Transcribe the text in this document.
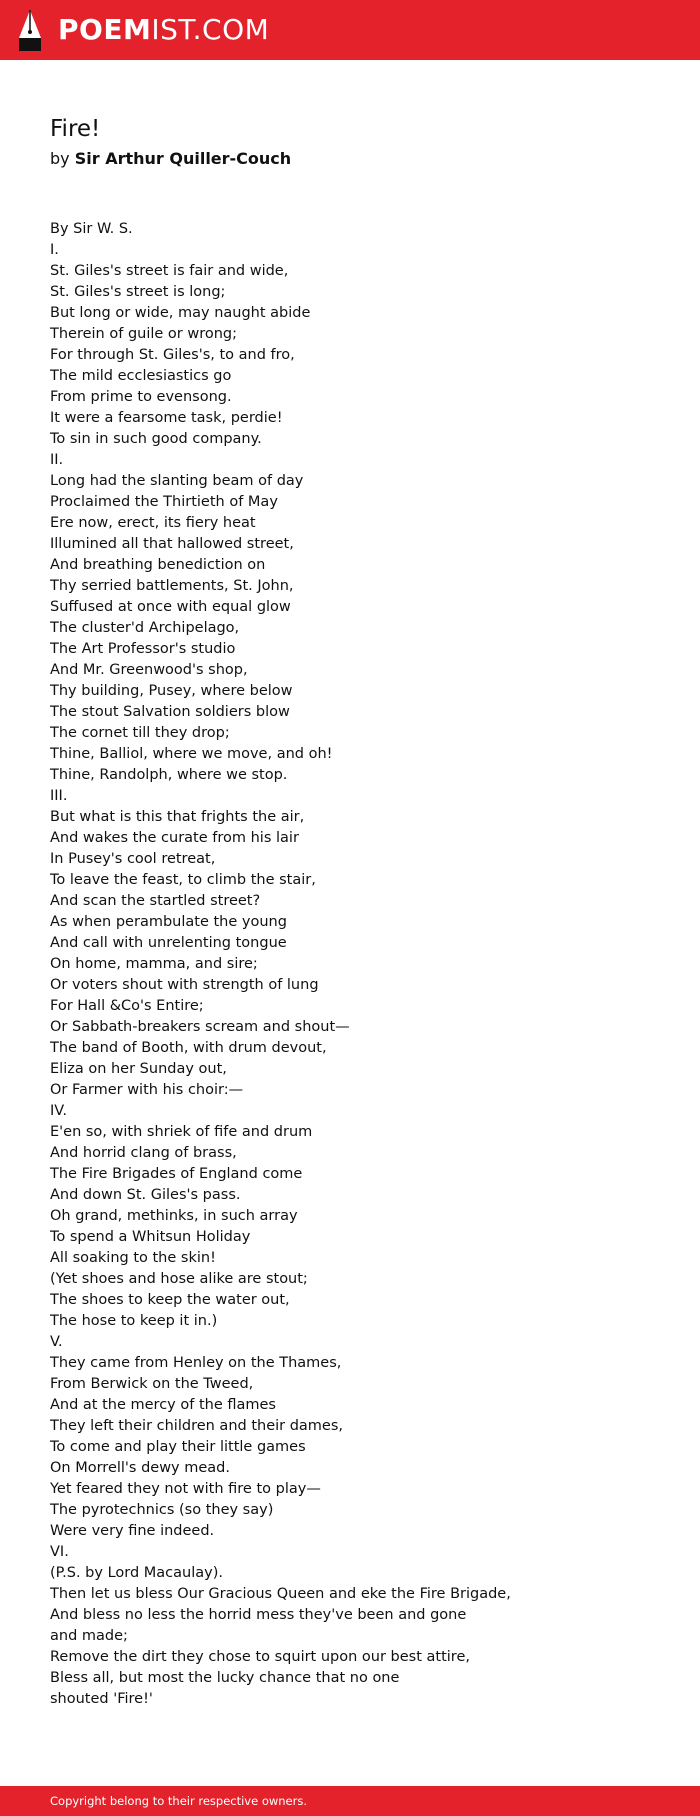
POEMIST.COM
Fire!
by Sir Arthur Quiller-Couch
By Sir W. S.
I.
St. Giles's street is fair and wide,
St. Giles's street is long;
But long or wide, may naught abide
Therein of guile or wrong;
For through St. Giles's, to and fro,
The mild ecclesiastics go
From prime to evensong.
It were a fearsome task, perdie!
To sin in such good company.
II.
Long had the slanting beam of day
Proclaimed the Thirtieth of May
Ere now, erect, its fiery heat
Illumined all that hallowed street,
And breathing benediction on
Thy serried battlements, St. John,
Suffused at once with equal glow
The cluster'd Archipelago,
The Art Professor's studio
And Mr. Greenwood's shop,
Thy building, Pusey, where below
The stout Salvation soldiers blow
The cornet till they drop;
Thine, Balliol, where we move, and oh!
Thine, Randolph, where we stop.
III.
But what is this that frights the air,
And wakes the curate from his lair
In Pusey's cool retreat,
To leave the feast, to climb the stair,
And scan the startled street?
As when perambulate the young
And call with unrelenting tongue
On home, mamma, and sire;
Or voters shout with strength of lung
For Hall &Co's Entire;
Or Sabbath-breakers scream and shout—
The band of Booth, with drum devout,
Eliza on her Sunday out,
Or Farmer with his choir:—
IV.
E'en so, with shriek of fife and drum
And horrid clang of brass,
The Fire Brigades of England come
And down St. Giles's pass.
Oh grand, methinks, in such array
To spend a Whitsun Holiday
All soaking to the skin!
(Yet shoes and hose alike are stout;
The shoes to keep the water out,
The hose to keep it in.)
V.
They came from Henley on the Thames,
From Berwick on the Tweed,
And at the mercy of the flames
They left their children and their dames,
To come and play their little games
On Morrell's dewy mead.
Yet feared they not with fire to play—
The pyrotechnics (so they say)
Were very fine indeed.
VI.
(P.S. by Lord Macaulay).
Then let us bless Our Gracious Queen and eke the Fire Brigade,
And bless no less the horrid mess they've been and gone
and made;
Remove the dirt they chose to squirt upon our best attire,
Bless all, but most the lucky chance that no one
shouted 'Fire!'
Copyright belong to their respective owners.
